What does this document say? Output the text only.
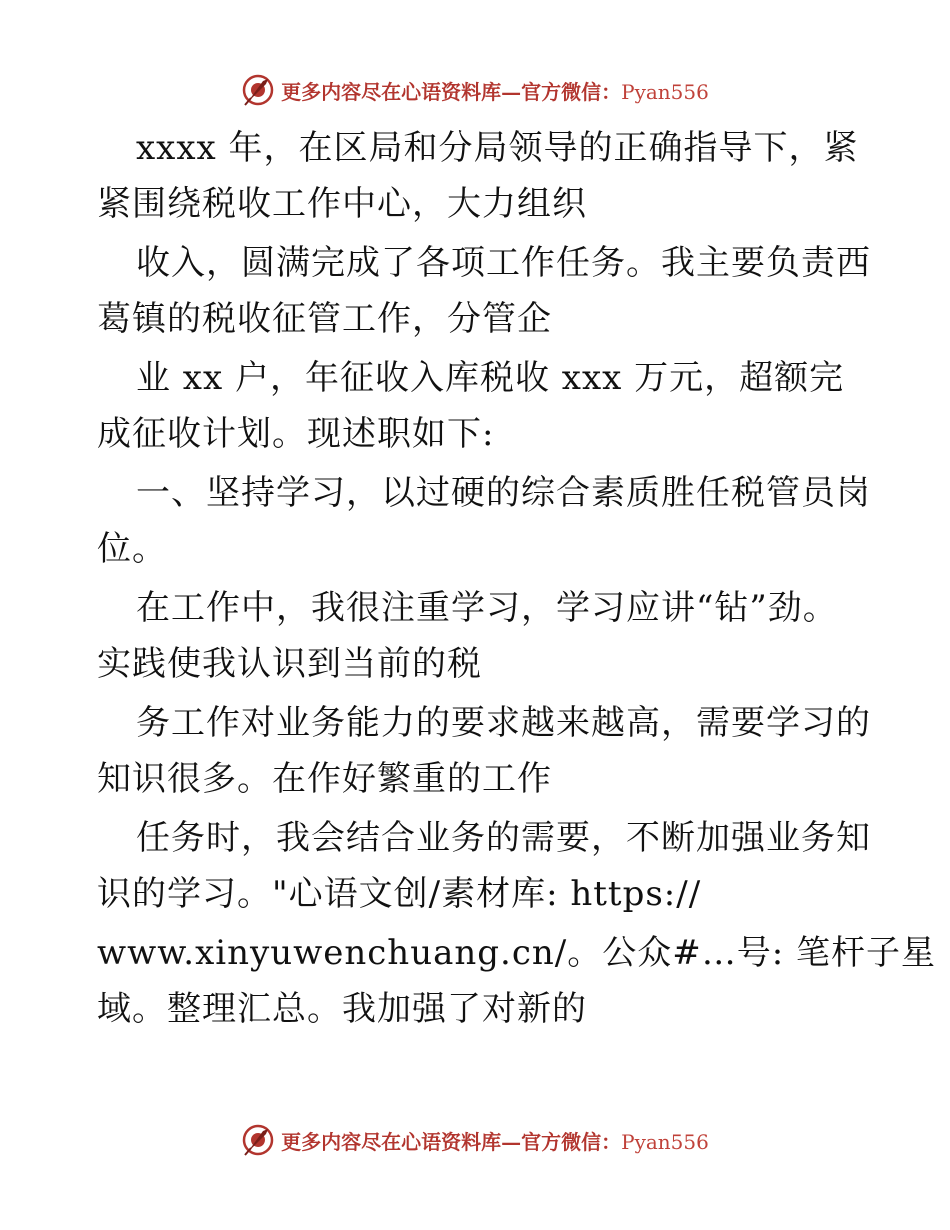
更多内容尽在心语资料库—官方微信：Pyan556
xxxx 年，在区局和分局领导的正确指导下，紧
紧围绕税收工作中心，大力组织
收入，圆满完成了各项工作任务。我主要负责西
葛镇的税收征管工作，分管企
业 xx 户，年征收入库税收 xxx 万元，超额完
成征收计划。现述职如下:
一、坚持学习，以过硬的综合素质胜任税管员岗
位。
在工作中，我很注重学习，学习应讲“钻”劲。
实践使我认识到当前的税
务工作对业务能力的要求越来越高，需要学习的
知识很多。在作好繁重的工作
任务时，我会结合业务的需要，不断加强业务知
识的学习。"心语文创/素材库: https://
www.xinyuwenchuang.cn/。公众#…号: 笔杆子星
域。整理汇总。我加强了对新的
更多内容尽在心语资料库—官方微信：Pyan556
